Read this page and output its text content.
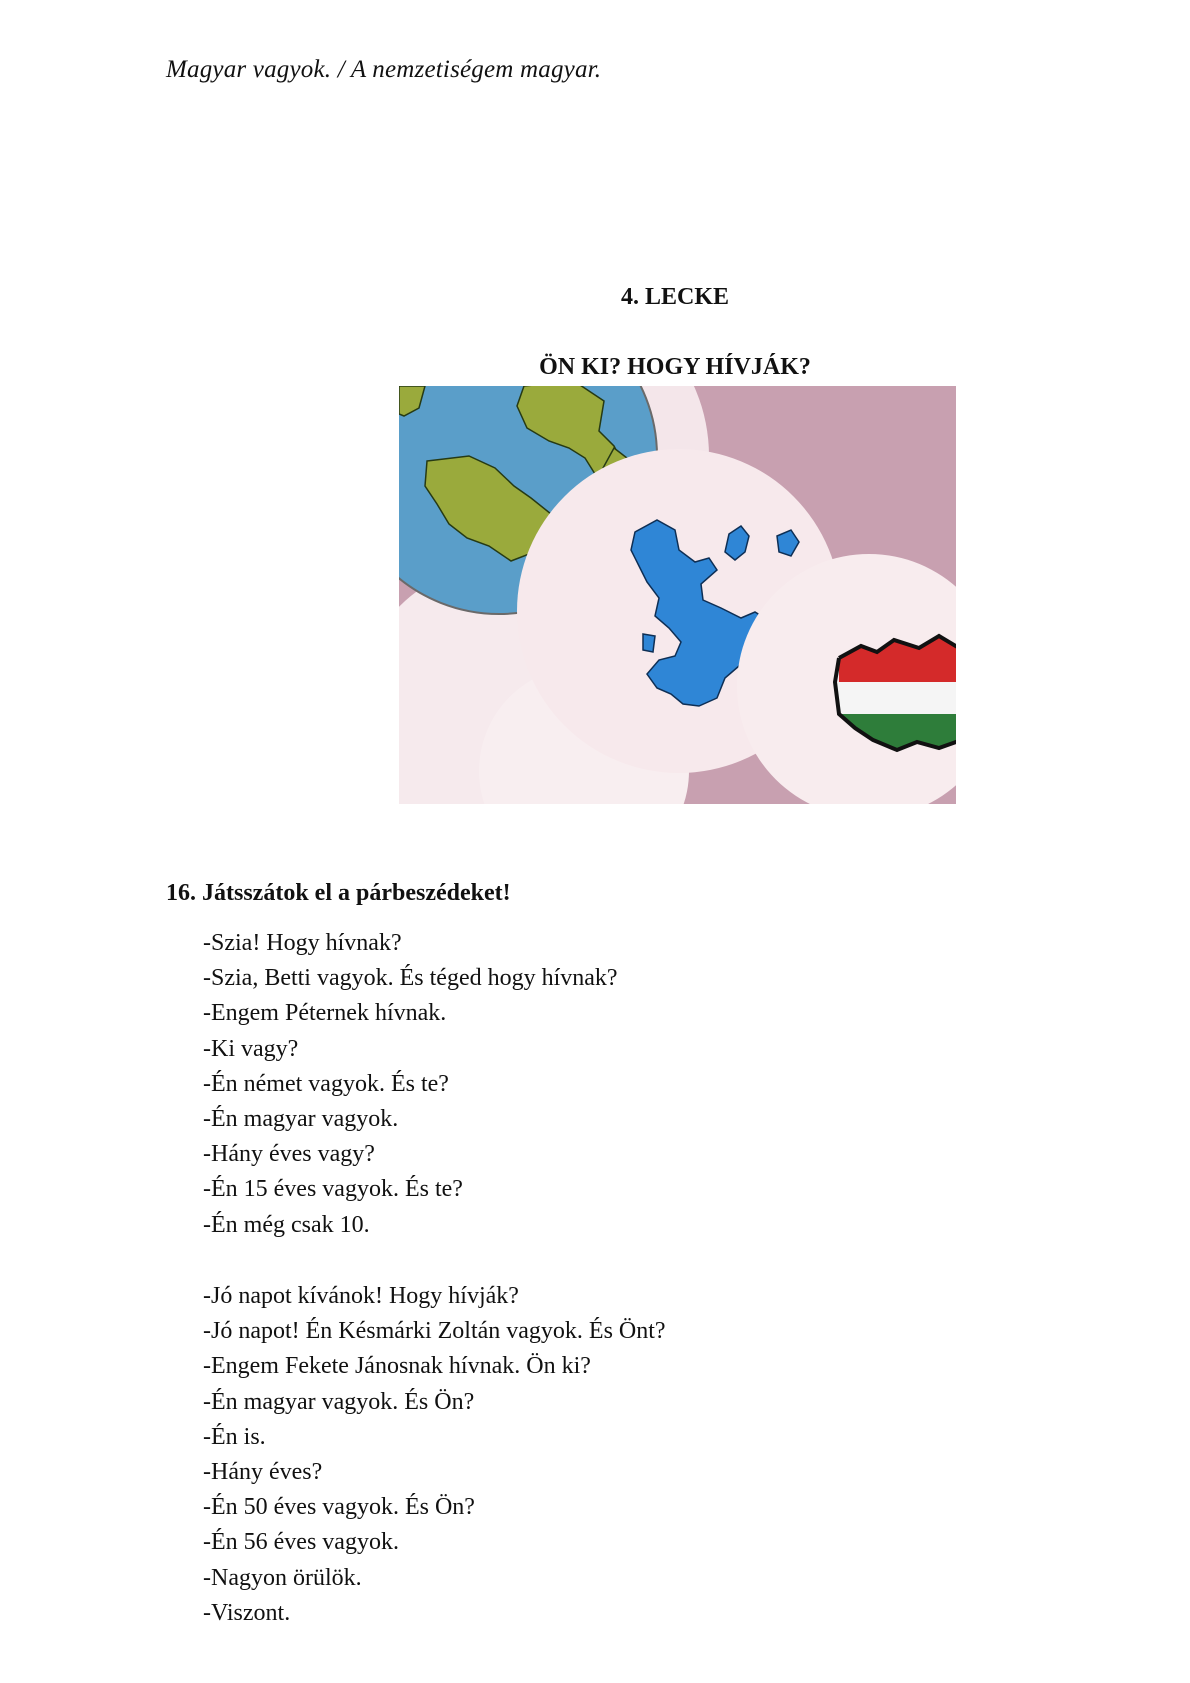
Magyar vagyok. / A nemzetiségem magyar.
4. LECKE
ÖN KI? HOGY HÍVJÁK?
16. Játsszátok el a párbeszédeket!
-Szia! Hogy hívnak?
-Szia, Betti vagyok. És téged hogy hívnak?
-Engem Péternek hívnak.
-Ki vagy?
-Én német vagyok. És te?
-Én magyar vagyok.
-Hány éves vagy?
-Én 15 éves vagyok. És te?
-Én még csak 10.
-Jó napot kívánok! Hogy hívják?
-Jó napot! Én Késmárki Zoltán vagyok. És Önt?
-Engem Fekete Jánosnak hívnak. Ön ki?
-Én magyar vagyok. És Ön?
-Én is.
-Hány éves?
-Én 50 éves vagyok. És Ön?
-Én 56 éves vagyok.
-Nagyon örülök.
-Viszont.
